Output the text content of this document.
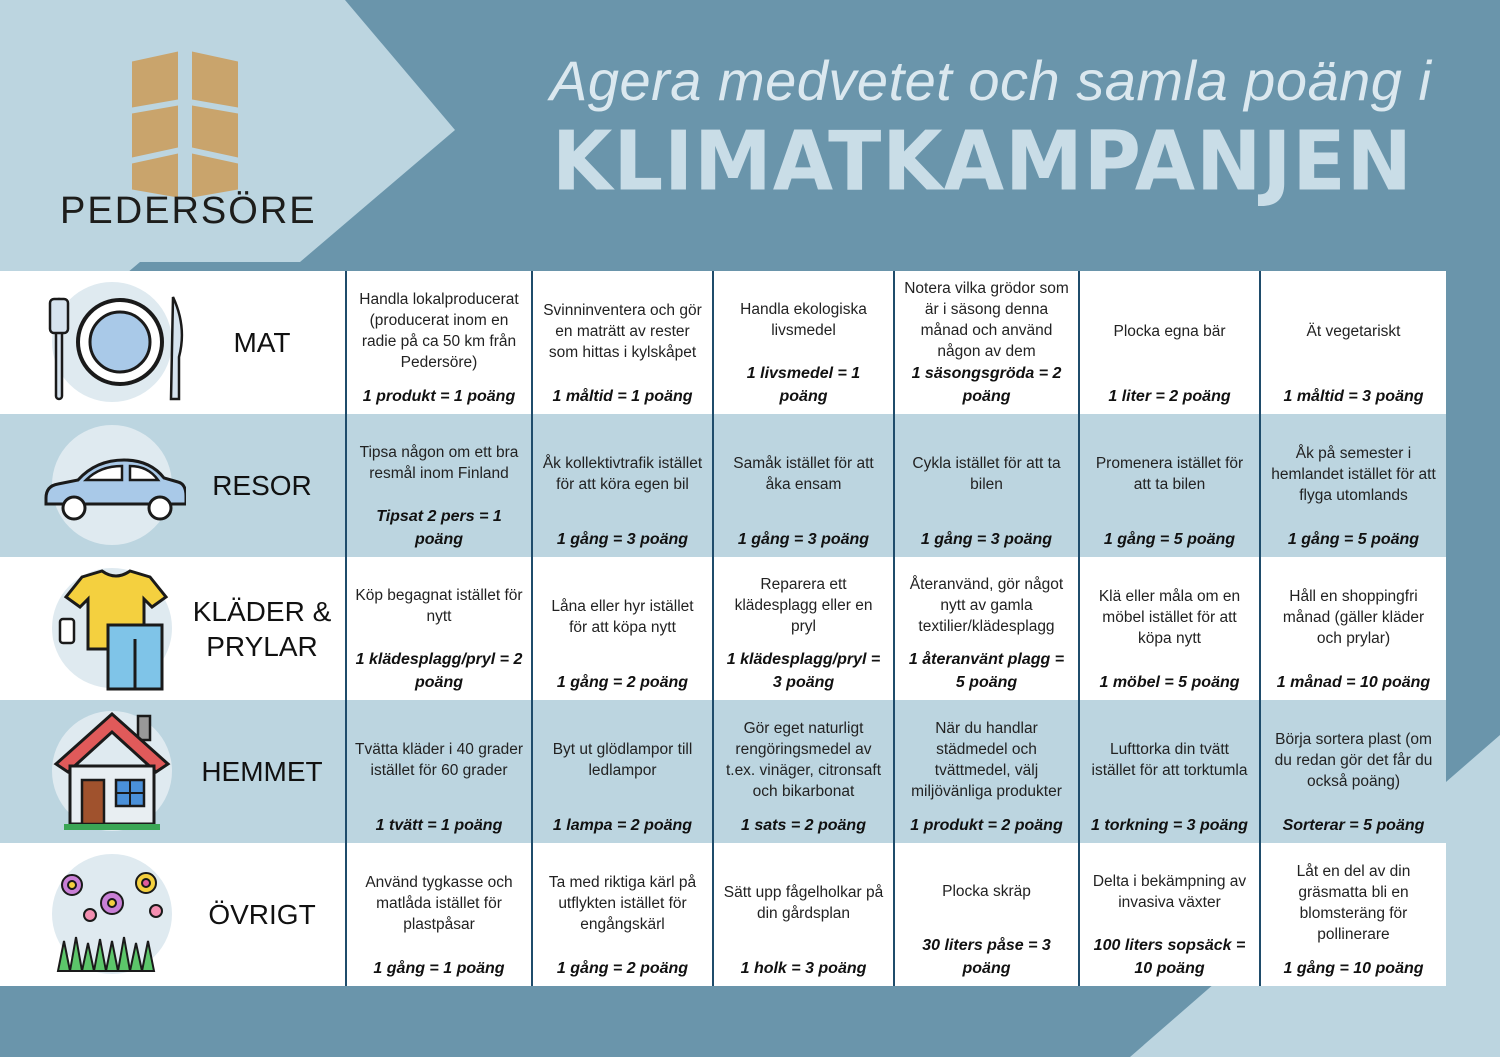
PEDERSÖRE
Agera medvetet och samla poäng i
KLIMATKAMPANJEN
MAT
Handla lokalproducerat (producerat inom en radie på ca 50 km från Pedersöre)
1 produkt = 1 poäng
Svinninventera och gör en maträtt av rester som hittas i kylskåpet
1 måltid = 1 poäng
Handla ekologiska livsmedel
1 livsmedel = 1 poäng
Notera vilka grödor som är i säsong denna månad och använd någon av dem
1 säsongsgröda = 2 poäng
Plocka egna bär
1 liter = 2 poäng
Ät vegetariskt
1 måltid = 3 poäng
RESOR
Tipsa någon om ett bra resmål inom Finland
Tipsat 2 pers = 1 poäng
Åk kollektivtrafik istället för att köra egen bil
1 gång = 3 poäng
Samåk istället för att åka ensam
1 gång = 3 poäng
Cykla istället för att ta bilen
1 gång = 3 poäng
Promenera istället för att ta bilen
1 gång = 5 poäng
Åk på semester i hemlandet istället för att flyga utomlands
1 gång = 5 poäng
KLÄDER & PRYLAR
Köp begagnat istället för nytt
1 klädesplagg/pryl = 2 poäng
Låna eller hyr istället för att köpa nytt
1 gång = 2 poäng
Reparera ett klädesplagg eller en pryl
1 klädesplagg/pryl = 3 poäng
Återanvänd, gör något nytt av gamla textilier/klädesplagg
1 återanvänt plagg = 5 poäng
Klä eller måla om en möbel istället för att köpa nytt
1 möbel = 5 poäng
Håll en shoppingfri månad (gäller kläder och prylar)
1 månad = 10 poäng
HEMMET
Tvätta kläder i 40 grader istället för 60 grader
1 tvätt = 1 poäng
Byt ut glödlampor till ledlampor
1 lampa = 2 poäng
Gör eget naturligt rengöringsmedel av t.ex. vinäger, citronsaft och bikarbonat
1 sats = 2 poäng
När du handlar städmedel och tvättmedel, välj miljövänliga produkter
1 produkt = 2 poäng
Lufttorka din tvätt istället för att torktumla
1 torkning = 3 poäng
Börja sortera plast (om du redan gör det får du också poäng)
Sorterar = 5 poäng
ÖVRIGT
Använd tygkasse och matlåda istället för plastpåsar
1 gång = 1 poäng
Ta med riktiga kärl på utflykten istället för engångskärl
1 gång = 2 poäng
Sätt upp fågelholkar på din gårdsplan
1 holk = 3 poäng
Plocka skräp
30 liters påse = 3 poäng
Delta i bekämpning av invasiva växter
100 liters sopsäck = 10 poäng
Låt en del av din gräsmatta bli en blomsteräng för pollinerare
1 gång = 10 poäng
